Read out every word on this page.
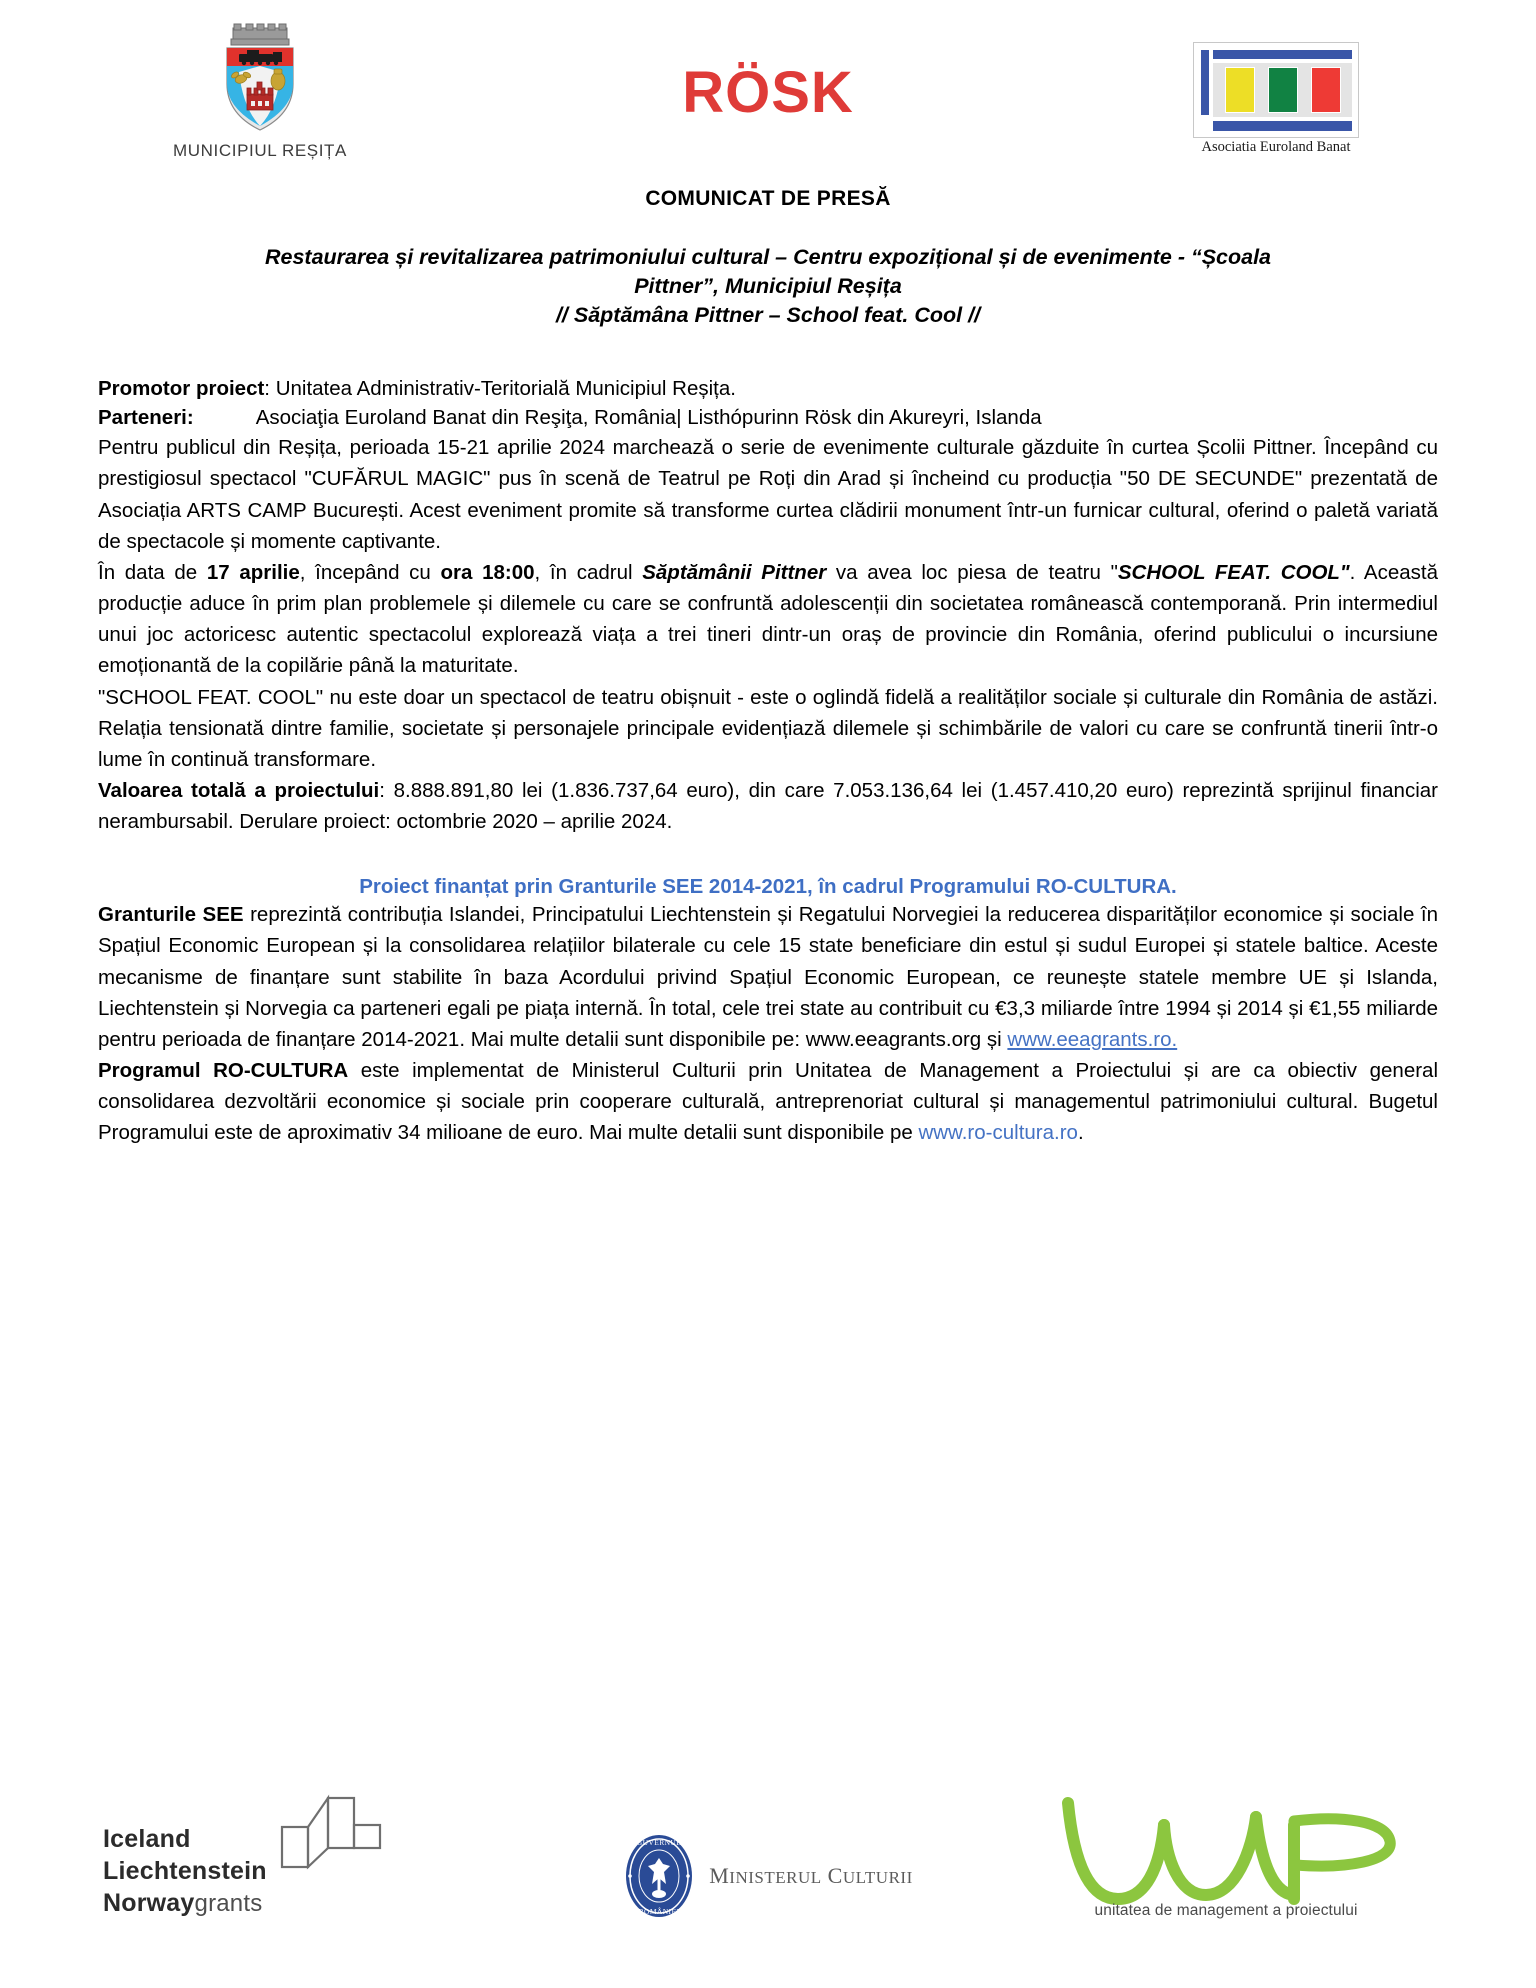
MUNICIPIUL REȘIȚA
RÖSK
Asociatia Euroland Banat
COMUNICAT DE PRESĂ
Restaurarea și revitalizarea patrimoniului cultural – Centru expozițional și de evenimente - “Școala
Pittner”, Municipiul Reșița
// Săptămâna Pittner – School feat. Cool //
Promotor proiect: Unitatea Administrativ-Teritorială Municipiul Reșița.
Parteneri:	Asociaţia Euroland Banat din Reşiţa, România| Listhópurinn Rösk din Akureyri, Islanda

Pentru publicul din Reșița, perioada 15-21 aprilie 2024 marchează o serie de evenimente culturale găzduite în curtea Școlii Pittner. Începând cu prestigiosul spectacol "CUFĂRUL MAGIC" pus în scenă de Teatrul pe Roți din Arad și încheind cu producția "50 DE SECUNDE" prezentată de Asociația ARTS CAMP București. Acest eveniment promite să transforme curtea clădirii monument într-un furnicar cultural, oferind o paletă variată de spectacole și momente captivante.

În data de 17 aprilie, începând cu ora 18:00, în cadrul Săptămânii Pittner va avea loc piesa de teatru "SCHOOL FEAT. COOL". Această producție aduce în prim plan problemele și dilemele cu care se confruntă adolescenții din societatea românească contemporană. Prin intermediul unui joc actoricesc autentic spectacolul explorează viața a trei tineri dintr-un oraș de provincie din România, oferind publicului o incursiune emoționantă de la copilărie până la maturitate.

"SCHOOL FEAT. COOL" nu este doar un spectacol de teatru obișnuit - este o oglindă fidelă a realităților sociale și culturale din România de astăzi. Relația tensionată dintre familie, societate și personajele principale evidențiază dilemele și schimbările de valori cu care se confruntă tinerii într-o lume în continuă transformare.

Valoarea totală a proiectului: 8.888.891,80 lei (1.836.737,64 euro), din care 7.053.136,64 lei (1.457.410,20 euro) reprezintă sprijinul financiar nerambursabil. Derulare proiect: octombrie 2020 – aprilie 2024.

Proiect finanțat prin Granturile SEE 2014-2021, în cadrul Programului RO-CULTURA.

Granturile SEE reprezintă contribuția Islandei, Principatului Liechtenstein și Regatului Norvegiei la reducerea disparităților economice și sociale în Spațiul Economic European și la consolidarea relațiilor bilaterale cu cele 15 state beneficiare din estul și sudul Europei și statele baltice. Aceste mecanisme de finanțare sunt stabilite în baza Acordului privind Spațiul Economic European, ce reunește statele membre UE și Islanda, Liechtenstein și Norvegia ca parteneri egali pe piața internă. În total, cele trei state au contribuit cu €3,3 miliarde între 1994 și 2014 și €1,55 miliarde pentru perioada de finanțare 2014-2021. Mai multe detalii sunt disponibile pe: www.eeagrants.org și www.eeagrants.ro.

Programul RO-CULTURA este implementat de Ministerul Culturii prin Unitatea de Management a Proiectului și are ca obiectiv general consolidarea dezvoltării economice și sociale prin cooperare culturală, antreprenoriat cultural și managementul patrimoniului cultural. Bugetul Programului este de aproximativ 34 milioane de euro. Mai multe detalii sunt disponibile pe www.ro-cultura.ro.

Iceland
Liechtenstein
Norwaygrants
GUVERNUL
ROMÂNIEI
MINISTERUL CULTURII
unitatea de management a proiectului
